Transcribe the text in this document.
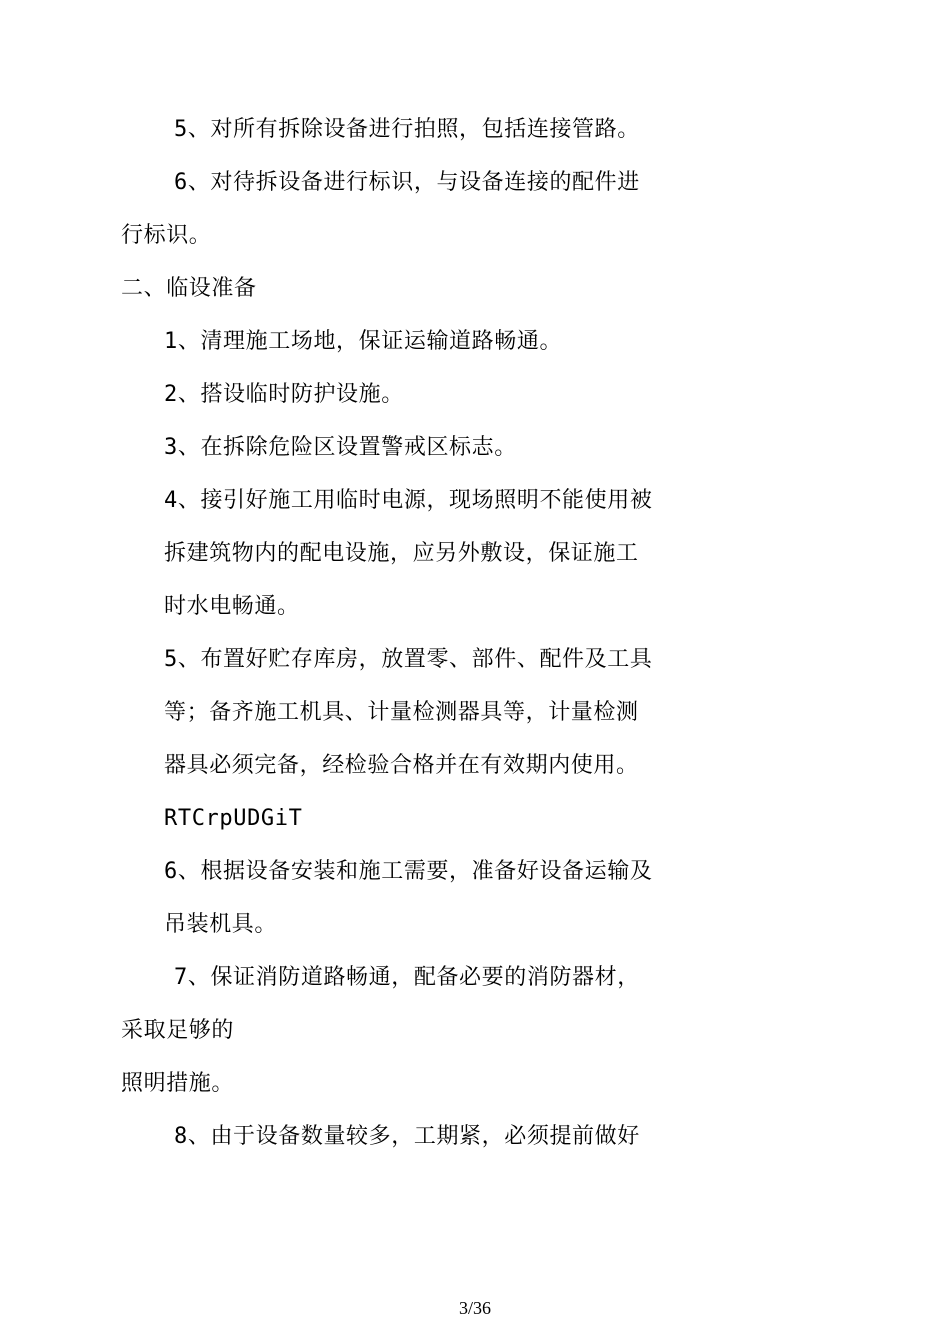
5、对所有拆除设备进行拍照，包括连接管路。
6、对待拆设备进行标识，与设备连接的配件进
行标识。
二、临设准备
1、清理施工场地，保证运输道路畅通。
2、搭设临时防护设施。
3、在拆除危险区设置警戒区标志。
4、接引好施工用临时电源，现场照明不能使用被
拆建筑物内的配电设施，应另外敷设，保证施工
时水电畅通。
5、布置好贮存库房，放置零、部件、配件及工具
等；备齐施工机具、计量检测器具等，计量检测
器具必须完备，经检验合格并在有效期内使用。
RTCrpUDGiT
6、根据设备安装和施工需要，准备好设备运输及
吊装机具。
7、保证消防道路畅通，配备必要的消防器材，
采取足够的
照明措施。
8、由于设备数量较多，工期紧，必须提前做好
3/36
